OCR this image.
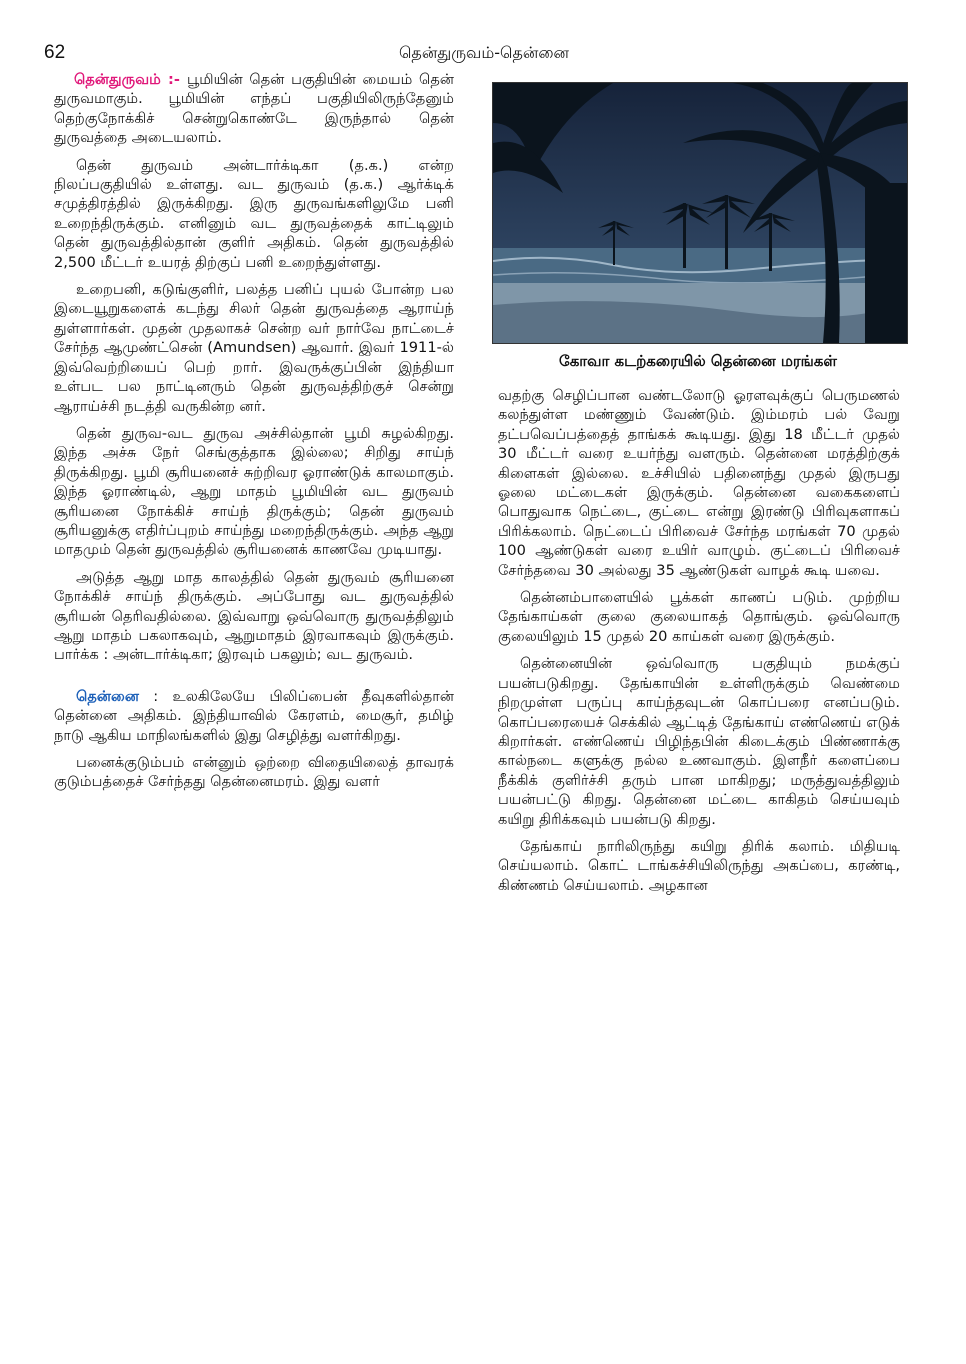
62	தென்துருவம்-தென்னை

தென்துருவம் :- பூமியின் தென் பகுதியின் மையம் தென் துருவமாகும். பூமியின் எந்தப் பகுதியிலிருந்தேனும் தெற்குநோக்கிச் சென்றுகொண்டே இருந்தால் தென் துருவத்தை அடையலாம்.

தென் துருவம் அன்டார்க்டிகா (த.க.) என்ற நிலப்பகுதியில் உள்ளது. வட துருவம் (த.க.) ஆர்க்டிக் சமுத்திரத்தில் இருக்கிறது. இரு துருவங்களிலுமே பனி உறைந்திருக்கும். எனினும் வட துருவத்தைக் காட்டிலும் தென் துருவத்தில்தான் குளிர் அதிகம். தென் துருவத்தில் 2,500 மீட்டர் உயரத் திற்குப் பனி உறைந்துள்ளது.

உறைபனி, கடுங்குளிர், பலத்த பனிப் புயல் போன்ற பல இடையூறுகளைக் கடந்து சிலர் தென் துருவத்தை ஆராய்ந் துள்ளார்கள். முதன் முதலாகச் சென்ற வர் நார்வே நாட்டைச் சேர்ந்த ஆமுண்ட்சென் (Amundsen) ஆவார். இவர் 1911-ல் இவ்வெற்றியைப் பெற் றார். இவருக்குப்பின் இந்தியா உள்பட பல நாட்டினரும் தென் துருவத்திற்குச் சென்று ஆராய்ச்சி நடத்தி வருகின்ற னர்.

தென் துருவ-வட துருவ அச்சில்தான் பூமி சுழல்கிறது. இந்த அச்சு நேர் செங்குத்தாக இல்லை; சிறிது சாய்ந் திருக்கிறது. பூமி சூரியனைச் சுற்றிவர ஓராண்டுக் காலமாகும். இந்த ஓராண்டில், ஆறு மாதம் பூமியின் வட துருவம் சூரியனை நோக்கிச் சாய்ந் திருக்கும்; தென் துருவம் சூரியனுக்கு எதிர்ப்புறம் சாய்ந்து மறைந்திருக்கும். அந்த ஆறு மாதமும் தென் துருவத்தில் சூரியனைக் காணவே முடியாது.

அடுத்த ஆறு மாத காலத்தில் தென் துருவம் சூரியனை நோக்கிச் சாய்ந் திருக்கும். அப்போது வட துருவத்தில் சூரியன் தெரிவதில்லை. இவ்வாறு ஒவ்வொரு துருவத்திலும் ஆறு மாதம் பகலாகவும், ஆறுமாதம் இரவாகவும் இருக்கும். பார்க்க : அன்டார்க்டிகா; இரவும் பகலும்; வட துருவம்.

தென்னை : உலகிலேயே பிலிப்பைன் தீவுகளில்தான் தென்னை அதிகம். இந்தியாவில் கேரளம், மைசூர், தமிழ் நாடு ஆகிய மாநிலங்களில் இது செழித்து வளர்கிறது.

பனைக்குடும்பம் என்னும் ஒற்றை விதையிலைத் தாவரக் குடும்பத்தைச் சேர்ந்தது தென்னைமரம். இது வளர்

கோவா கடற்கரையில் தென்னை மரங்கள்

வதற்கு செழிப்பான வண்டலோடு ஓரளவுக்குப் பெருமணல் கலந்துள்ள மண்ணும் வேண்டும். இம்மரம் பல் வேறு தட்பவெப்பத்தைத் தாங்கக் கூடியது. இது 18 மீட்டர் முதல் 30 மீட்டர் வரை உயர்ந்து வளரும். தென்னை மரத்திற்குக் கிளைகள் இல்லை. உச்சியில் பதினைந்து முதல் இருபது ஓலை மட்டைகள் இருக்கும். தென்னை வகைகளைப் பொதுவாக நெட்டை, குட்டை என்று இரண்டு பிரிவுகளாகப் பிரிக்கலாம். நெட்டைப் பிரிவைச் சேர்ந்த மரங்கள் 70 முதல் 100 ஆண்டுகள் வரை உயிர் வாழும். குட்டைப் பிரிவைச் சேர்ந்தவை 30 அல்லது 35 ஆண்டுகள் வாழக் கூடி யவை.

தென்னம்பாளையில் பூக்கள் காணப் படும். முற்றிய தேங்காய்கள் குலை குலையாகத் தொங்கும். ஒவ்வொரு குலையிலும் 15 முதல் 20 காய்கள் வரை இருக்கும்.

தென்னையின் ஒவ்வொரு பகுதியும் நமக்குப் பயன்படுகிறது. தேங்காயின் உள்ளிருக்கும் வெண்மை நிறமுள்ள பருப்பு காய்ந்தவுடன் கொப்பரை எனப்படும். கொப்பரையைச் செக்கில் ஆட்டித் தேங்காய் எண்ணெய் எடுக் கிறார்கள். எண்ணெய் பிழிந்தபின் கிடைக்கும் பிண்ணாக்கு கால்நடை களுக்கு நல்ல உணவாகும். இளநீர் களைப்பை நீக்கிக் குளிர்ச்சி தரும் பான மாகிறது; மருத்துவத்திலும் பயன்பட்டு கிறது. தென்னை மட்டை காகிதம் செய்யவும் கயிறு திரிக்கவும் பயன்படு கிறது.

தேங்காய் நாரிலிருந்து கயிறு திரிக் கலாம். மிதியடி செய்யலாம். கொட் டாங்கச்சியிலிருந்து அகப்பை, கரண்டி, கிண்ணம் செய்யலாம். அழகான
